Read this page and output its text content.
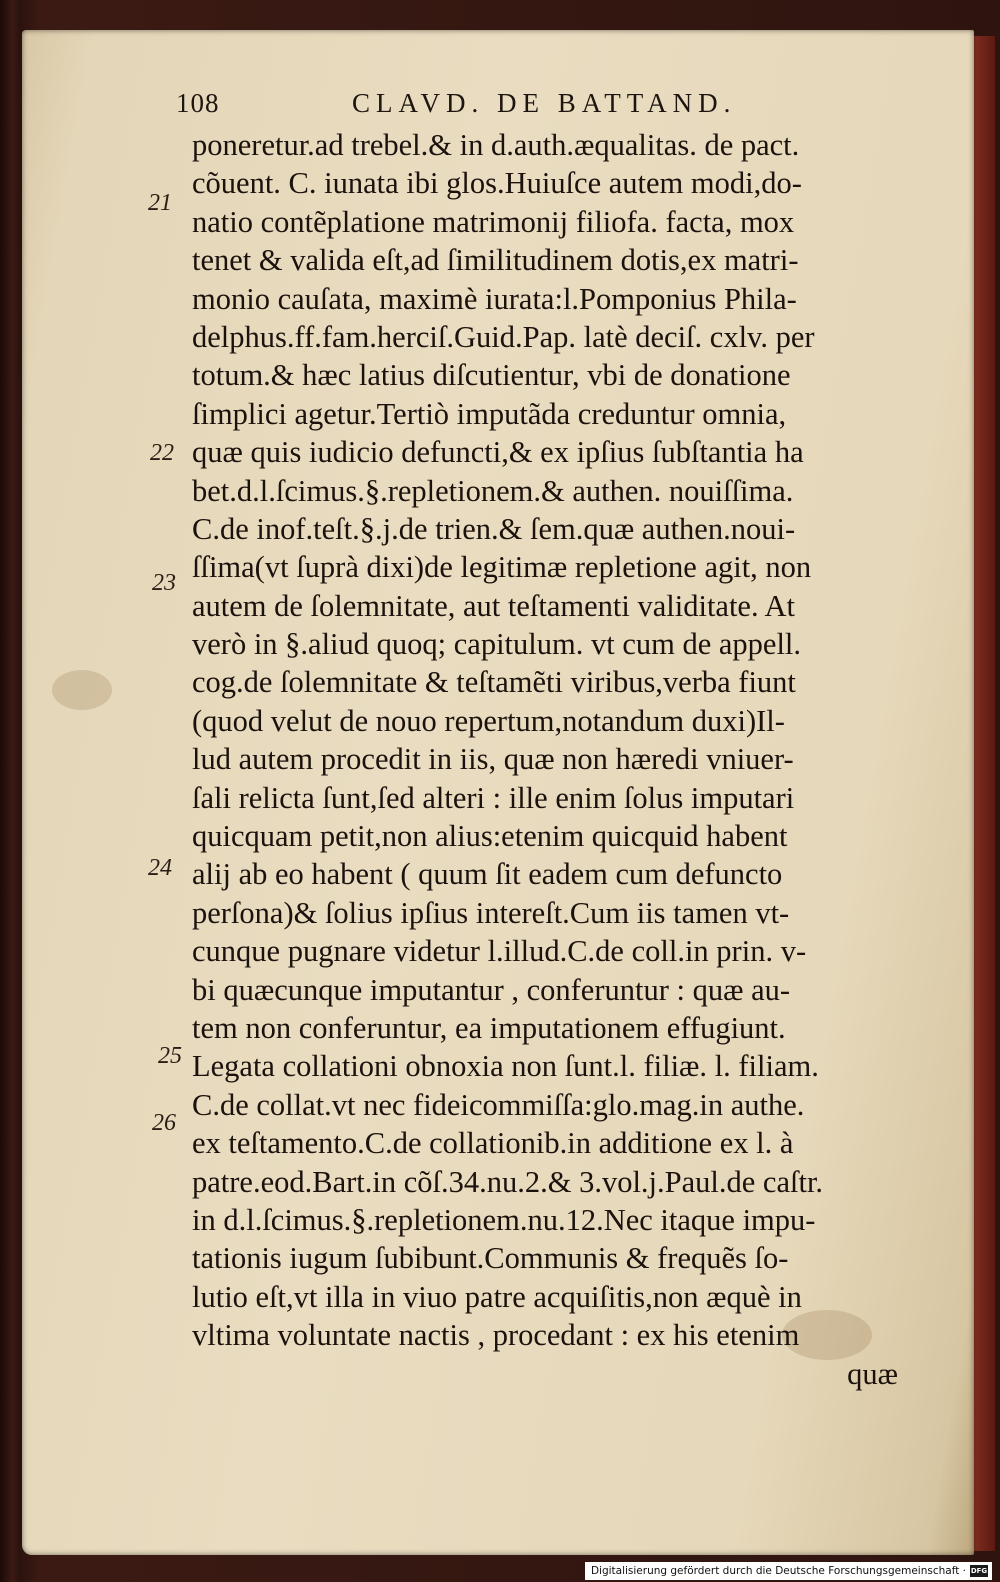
108	CLAVD. DE BATTAND.
21
22
23
24
25
26
poneretur.ad trebel.& in d.auth.æqualitas. de pact.
cõuent. C. iunata ibi glos.Huiuſce autem modi,do-
natio contẽplatione matrimonij filiofa. facta, mox
tenet & valida eſt,ad ſimilitudinem dotis,ex matri-
monio cauſata, maximè iurata:l.Pomponius Phila-
delphus.ff.fam.herciſ.Guid.Pap. latè deciſ. cxlv. per
totum.& hæc latius diſcutientur, vbi de donatione
ſimplici agetur.Tertiò imputãda creduntur omnia,
quæ quis iudicio defuncti,& ex ipſius ſubſtantia ha
bet.d.l.ſcimus.§.repletionem.& authen. nouiſſima.
C.de inof.teſt.§.j.de trien.& ſem.quæ authen.noui-
ſſima(vt ſuprà dixi)de legitimæ repletione agit, non
autem de ſolemnitate, aut teſtamenti validitate. At
verò in §.aliud quoq; capitulum. vt cum de appell.
cog.de ſolemnitate & teſtamẽti viribus,verba fiunt
(quod velut de nouo repertum,notandum duxi)Il-
lud autem procedit in iis, quæ non hæredi vniuer-
ſali relicta ſunt,ſed alteri : ille enim ſolus imputari
quicquam petit,non alius:etenim quicquid habent
alij ab eo habent ( quum ſit eadem cum defuncto
perſona)& ſolius ipſius intereſt.Cum iis tamen vt-
cunque pugnare videtur l.illud.C.de coll.in prin. v-
bi quæcunque imputantur , conferuntur : quæ au-
tem non conferuntur, ea imputationem effugiunt.
Legata collationi obnoxia non ſunt.l. filiæ. l. filiam.
C.de collat.vt nec fideicommiſſa:glo.mag.in authe.
ex teſtamento.C.de collationib.in additione ex l. à
patre.eod.Bart.in cõſ.34.nu.2.& 3.vol.j.Paul.de caſtr.
in d.l.ſcimus.§.repletionem.nu.12.Nec itaque impu-
tationis iugum ſubibunt.Communis & frequẽs ſo-
lutio eſt,vt illa in viuo patre acquiſitis,non æquè in
vltima voluntate nactis , procedant : ex his etenim
quæ
Digitalisierung gefördert durch die Deutsche Forschungsgemeinschaft · DFG
